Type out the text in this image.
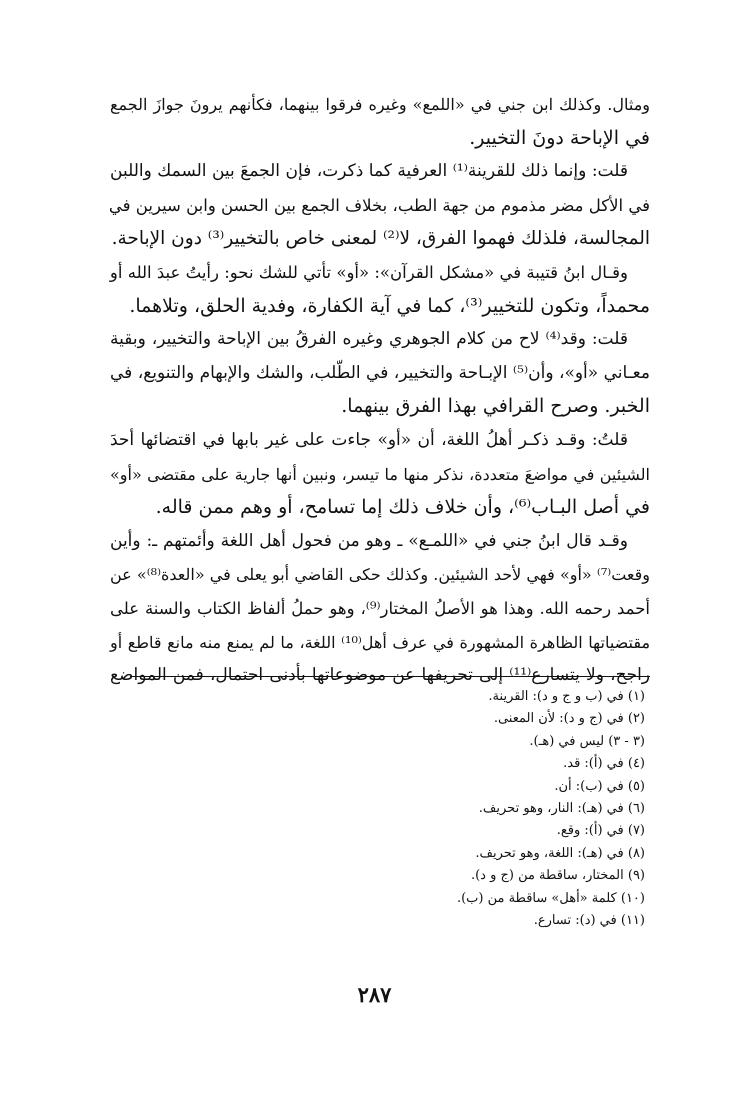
ومثال. وكذلك ابن جني في «اللمع» وغيره فرقوا بينهما، فكأنهم يرونَ جوازَ الجمع
في الإباحة دونَ التخيير.
قلت: وإنما ذلك للقرينة⁽¹⁾ العرفية كما ذكرت، فإن الجمعَ بين السمك واللبن
في الأكل مضر مذموم من جهة الطب، بخلاف الجمع بين الحسن وابن سيرين في
المجالسة، فلذلك فهموا الفرق، لا⁽²⁾ لمعنى خاص بالتخيير⁽³⁾ دون الإباحة.
وقـال ابنُ قتيبة في «مشكل القرآن»: «أو» تأتي للشك نحو: رأيتُ عبدَ الله أو
محمداً، وتكون للتخيير⁽³⁾، كما في آية الكفارة، وفدية الحلق، وتلاهما.
قلت: وقد⁽⁴⁾ لاح من كلام الجوهري وغيره الفرقُ بين الإباحة والتخيير، وبقية
معـاني «أو»، وأن⁽⁵⁾ الإبـاحة والتخيير، في الطّلب، والشك والإبهام والتنويع، في
الخبر. وصرح القرافي بهذا الفرق بينهما.
قلتُ: وقـد ذكـر أهلُ اللغة، أن «أو» جاءت على غير بابها في اقتضائها أحدَ
الشيئين في مواضعَ متعددة، نذكر منها ما تيسر، ونبين أنها جارية على مقتضى «أو»
في أصل البـاب⁽⁶⁾، وأن خلاف ذلك إما تسامح، أو وهم ممن قاله.
وقـد قال ابنُ جني في «اللمـع» ـ وهو من فحول أهل اللغة وأئمتهم ـ: وأين
وقعت⁽⁷⁾ «أو» فهي لأحد الشيئين. وكذلك حكى القاضي أبو يعلى في «العدة⁽⁸⁾» عن
أحمد رحمه الله. وهذا هو الأصلُ المختار⁽⁹⁾، وهو حملُ ألفاظ الكتاب والسنة على
مقتضياتها الظاهرة المشهورة في عرف أهل⁽¹⁰⁾ اللغة، ما لم يمنع منه مانع قاطع أو
راجح، ولا يتسارع⁽¹¹⁾ إلى تحريفها عن موضوعاتها بأدنى احتمال، فمن المواضع
(١) في (ب و ج و د): القرينة.
(٢) في (ج و د): لأن المعنى.
(٣ - ٣) ليس في (هـ).
(٤) في (أ): قد.
(٥) في (ب): أن.
(٦) في (هـ): النار، وهو تحريف.
(٧) في (أ): وقع.
(٨) في (هـ): اللغة، وهو تحريف.
(٩) المختار، ساقطة من (ج و د).
(١٠) كلمة «أهل» ساقطة من (ب).
(١١) في (د): تسارع.
٢٨٧
